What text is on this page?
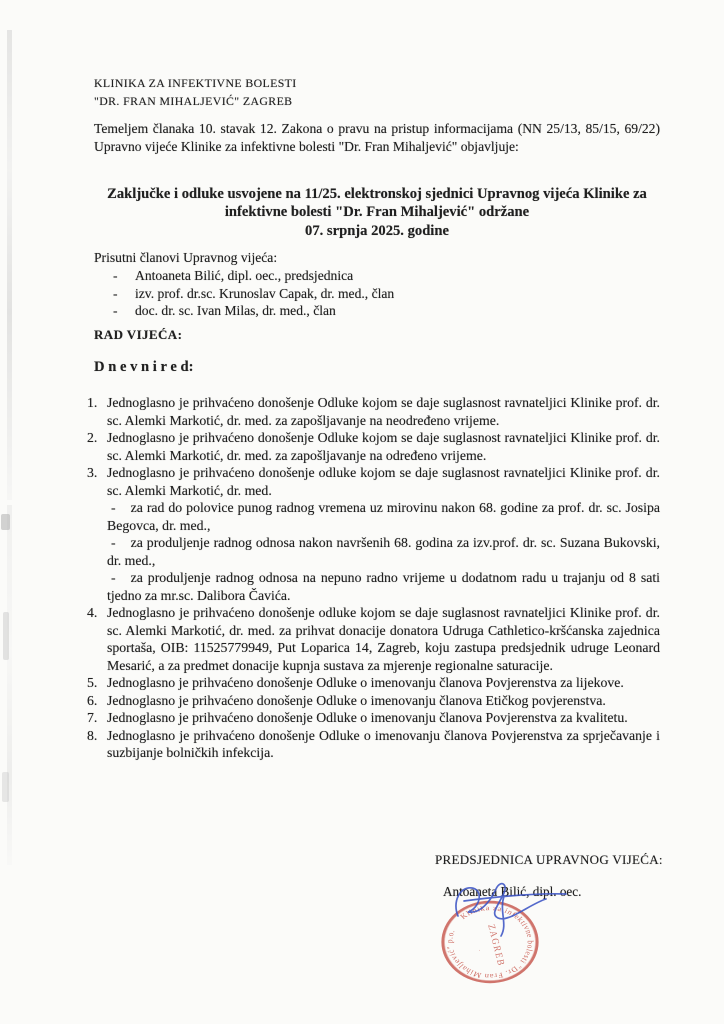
KLINIKA ZA INFEKTIVNE BOLESTI
"DR. FRAN MIHALJEVIĆ" ZAGREB
Temeljem članaka 10. stavak 12. Zakona o pravu na pristup informacijama (NN 25/13, 85/15, 69/22) Upravno vijeće Klinike za infektivne bolesti "Dr. Fran Mihaljević" objavljuje:
Zaključke i odluke usvojene na 11/25. elektronskoj sjednici Upravnog vijeća Klinike za
infektivne bolesti "Dr. Fran Mihaljević" održane
07. srpnja 2025. godine
Prisutni članovi Upravnog vijeća:
- Antoaneta Bilić, dipl. oec., predsjednica
- izv. prof. dr.sc. Krunoslav Capak, dr. med., član
- doc. dr. sc. Ivan Milas, dr. med., član
RAD VIJEĆA:
D n e v n i r e d:
1. Jednoglasno je prihvaćeno donošenje Odluke kojom se daje suglasnost ravnateljici Klinike prof. dr. sc. Alemki Markotić, dr. med. za zapošljavanje na neodređeno vrijeme.
2. Jednoglasno je prihvaćeno donošenje Odluke kojom se daje suglasnost ravnateljici Klinike prof. dr. sc. Alemki Markotić, dr. med. za zapošljavanje na određeno vrijeme.
3. Jednoglasno je prihvaćeno donošenje odluke kojom se daje suglasnost ravnateljici Klinike prof. dr. sc. Alemki Markotić, dr. med.
- za rad do polovice punog radnog vremena uz mirovinu nakon 68. godine za prof. dr. sc. Josipa Begovca, dr. med.,
- za produljenje radnog odnosa nakon navršenih 68. godina za izv.prof. dr. sc. Suzana Bukovski, dr. med.,
- za produljenje radnog odnosa na nepuno radno vrijeme u dodatnom radu u trajanju od 8 sati tjedno za mr.sc. Dalibora Čavića.
4. Jednoglasno je prihvaćeno donošenje odluke kojom se daje suglasnost ravnateljici Klinike prof. dr. sc. Alemki Markotić, dr. med. za prihvat donacije donatora Udruga Cathletico-kršćanska zajednica sportaša, OIB: 11525779949, Put Loparica 14, Zagreb, koju zastupa predsjednik udruge Leonard Mesarić, a za predmet donacije kupnja sustava za mjerenje regionalne saturacije.
5. Jednoglasno je prihvaćeno donošenje Odluke o imenovanju članova Povjerenstva za lijekove.
6. Jednoglasno je prihvaćeno donošenje Odluke o imenovanju članova Etičkog povjerenstva.
7. Jednoglasno je prihvaćeno donošenje Odluke o imenovanju članova Povjerenstva za kvalitetu.
8. Jednoglasno je prihvaćeno donošenje Odluke o imenovanju članova Povjerenstva za sprječavanje i suzbijanje bolničkih infekcija.
PREDSJEDNICA UPRAVNOG VIJEĆA:
Antoaneta Bilić, dipl. oec.
Klinika za infektivne bolesti "Dr. Fran Mihaljević" p.o.	ZAGREB
.
